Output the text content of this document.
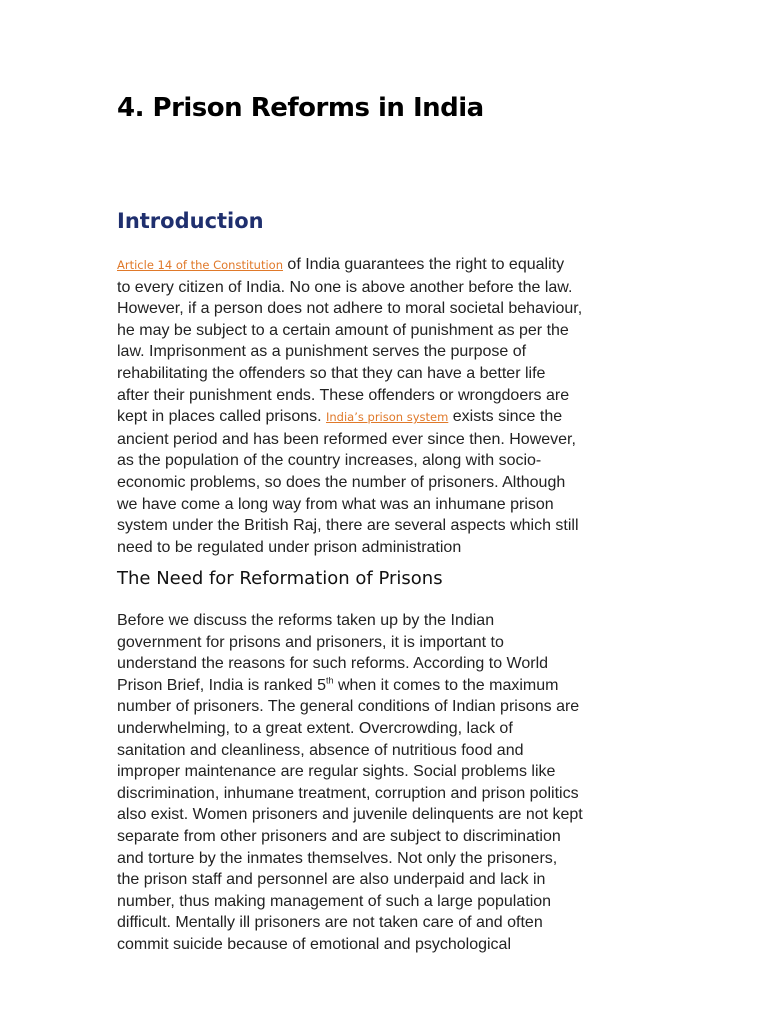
4. Prison Reforms in India
Introduction
Article 14 of the Constitution of India guarantees the right to equality
to every citizen of India. No one is above another before the law.
However, if a person does not adhere to moral societal behaviour,
he may be subject to a certain amount of punishment as per the
law. Imprisonment as a punishment serves the purpose of
rehabilitating the offenders so that they can have a better life
after their punishment ends. These offenders or wrongdoers are
kept in places called prisons. India’s prison system exists since the
ancient period and has been reformed ever since then. However,
as the population of the country increases, along with socio-
economic problems, so does the number of prisoners. Although
we have come a long way from what was an inhumane prison
system under the British Raj, there are several aspects which still
need to be regulated under prison administration
The Need for Reformation of Prisons
Before we discuss the reforms taken up by the Indian
government for prisons and prisoners, it is important to
understand the reasons for such reforms. According to World
Prison Brief, India is ranked 5th when it comes to the maximum
number of prisoners. The general conditions of Indian prisons are
underwhelming, to a great extent. Overcrowding, lack of
sanitation and cleanliness, absence of nutritious food and
improper maintenance are regular sights. Social problems like
discrimination, inhumane treatment, corruption and prison politics
also exist. Women prisoners and juvenile delinquents are not kept
separate from other prisoners and are subject to discrimination
and torture by the inmates themselves. Not only the prisoners,
the prison staff and personnel are also underpaid and lack in
number, thus making management of such a large population
difficult. Mentally ill prisoners are not taken care of and often
commit suicide because of emotional and psychological
